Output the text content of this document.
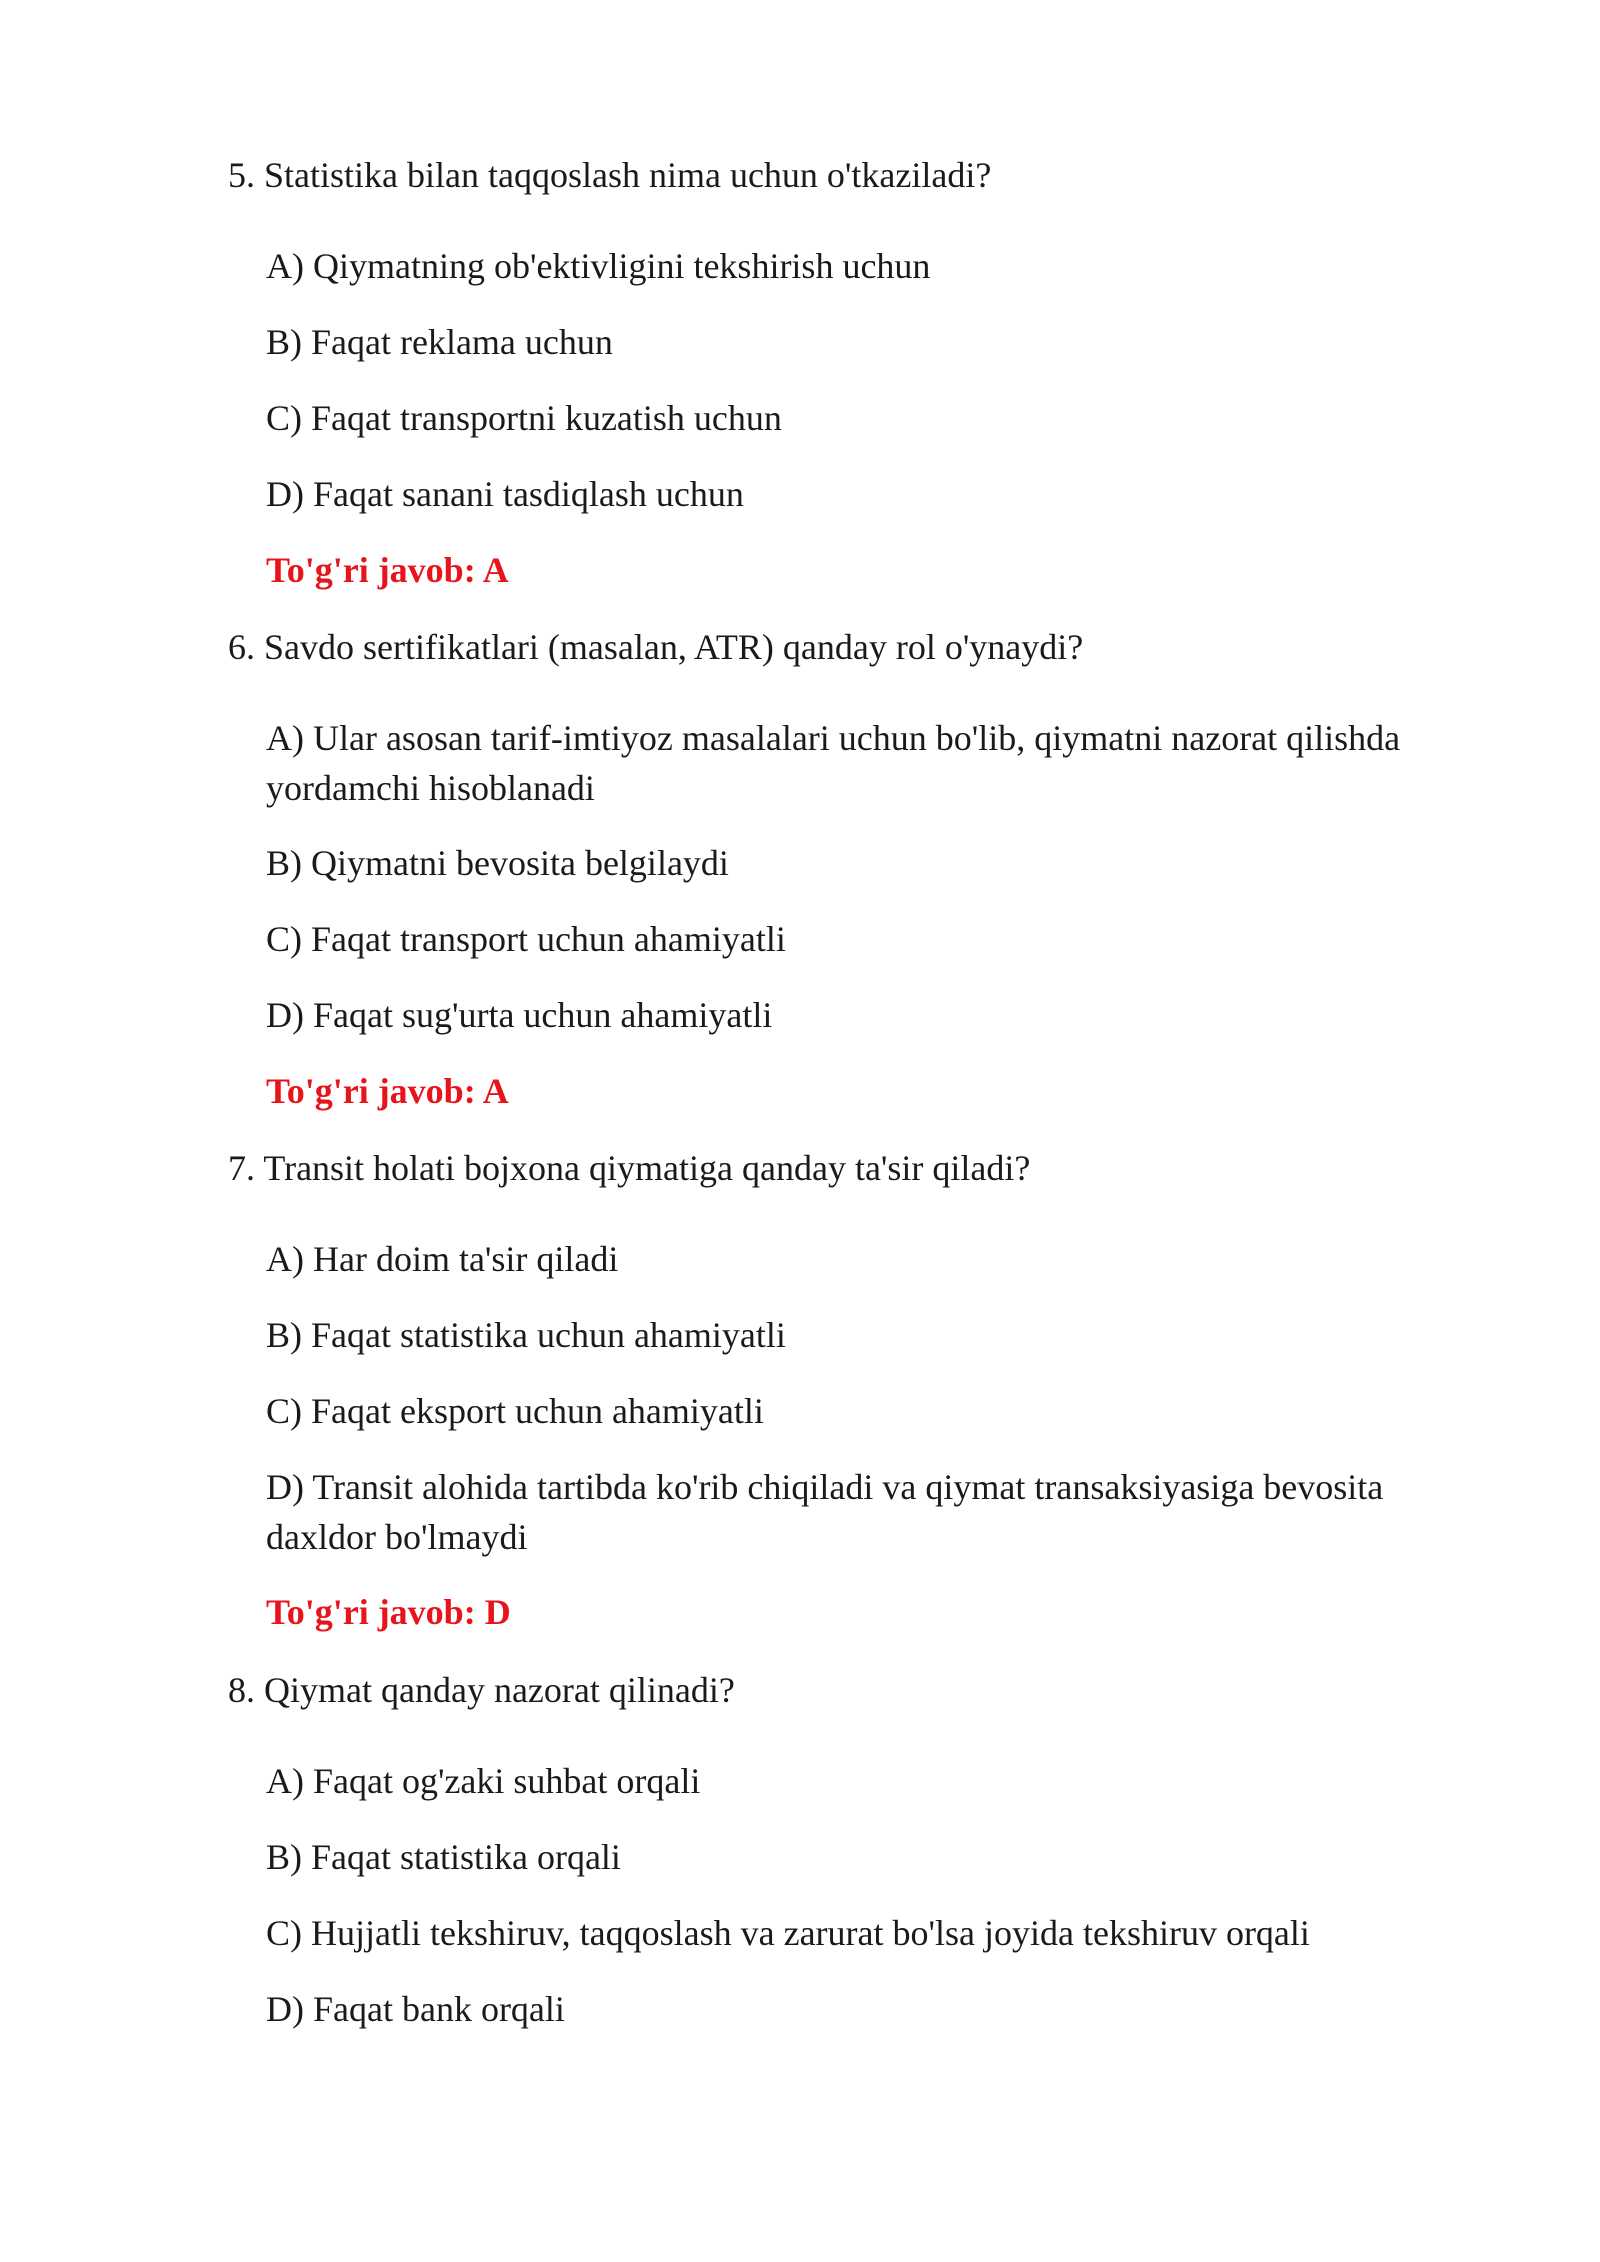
5. Statistika bilan taqqoslash nima uchun o'tkaziladi?

A) Qiymatning ob'ektivligini tekshirish uchun

B) Faqat reklama uchun

C) Faqat transportni kuzatish uchun

D) Faqat sanani tasdiqlash uchun

To'g'ri javob: A

6. Savdo sertifikatlari (masalan, ATR) qanday rol o'ynaydi?

A) Ular asosan tarif-imtiyoz masalalari uchun bo'lib, qiymatni nazorat qilishda yordamchi hisoblanadi

B) Qiymatni bevosita belgilaydi

C) Faqat transport uchun ahamiyatli

D) Faqat sug'urta uchun ahamiyatli

To'g'ri javob: A

7. Transit holati bojxona qiymatiga qanday ta'sir qiladi?

A) Har doim ta'sir qiladi

B) Faqat statistika uchun ahamiyatli

C) Faqat eksport uchun ahamiyatli

D) Transit alohida tartibda ko'rib chiqiladi va qiymat transaksiyasiga bevosita daxldor bo'lmaydi

To'g'ri javob: D

8. Qiymat qanday nazorat qilinadi?

A) Faqat og'zaki suhbat orqali

B) Faqat statistika orqali

C) Hujjatli tekshiruv, taqqoslash va zarurat bo'lsa joyida tekshiruv orqali

D) Faqat bank orqali
